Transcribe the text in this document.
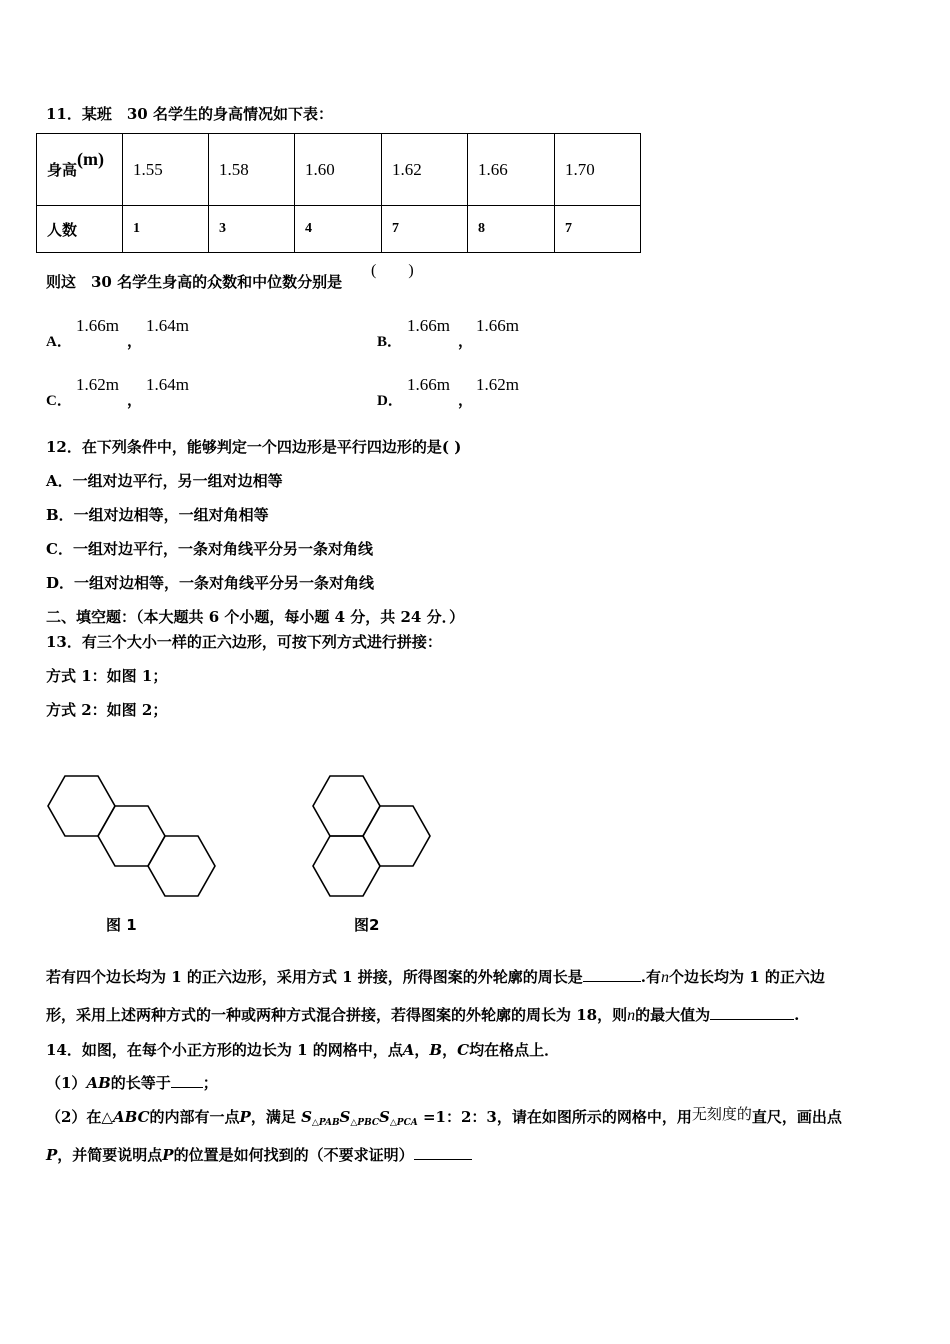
11．某班　30 名学生的身高情况如下表：
身高(m)	1.55	1.58	1.60	1.62	1.66	1.70
人数	1	3	4	7	8	7
则这　30 名学生身高的众数和中位数分别是
(　　)
A．
1.66m
，
1.64m
B．
1.66m
，
1.66m
C．
1.62m
，
1.64m
D．
1.66m
，
1.62m
12．在下列条件中，能够判定一个四边形是平行四边形的是( )
A．一组对边平行，另一组对边相等
B．一组对边相等，一组对角相等
C．一组对边平行，一条对角线平分另一条对角线
D．一组对边相等，一条对角线平分另一条对角线
二、填空题：（本大题共 6 个小题，每小题 4 分，共 24 分．）
13．有三个大小一样的正六边形，可按下列方式进行拼接：
方式 1：如图 1；
方式 2：如图 2；
图 1	图2
若有四个边长均为 1 的正六边形，采用方式 1 拼接，所得图案的外轮廓的周长是	.有n个边长均为 1 的正六边
形，采用上述两种方式的一种或两种方式混合拼接，若得图案的外轮廓的周长为 18，则n的最大值为	.
14．如图，在每个小正方形的边长为 1 的网格中，点A，B，C均在格点上．
（1）AB的长等于 ；
（2）在△ABC的内部有一点P，满足 $S_{\triangle PAB}S_{\triangle PBC}S_{\triangle PCA} =1$：2：3，请在如图所示的网格中，用无刻度的直尺，画出点
P，并简要说明点P的位置是如何找到的（不要求证明）
